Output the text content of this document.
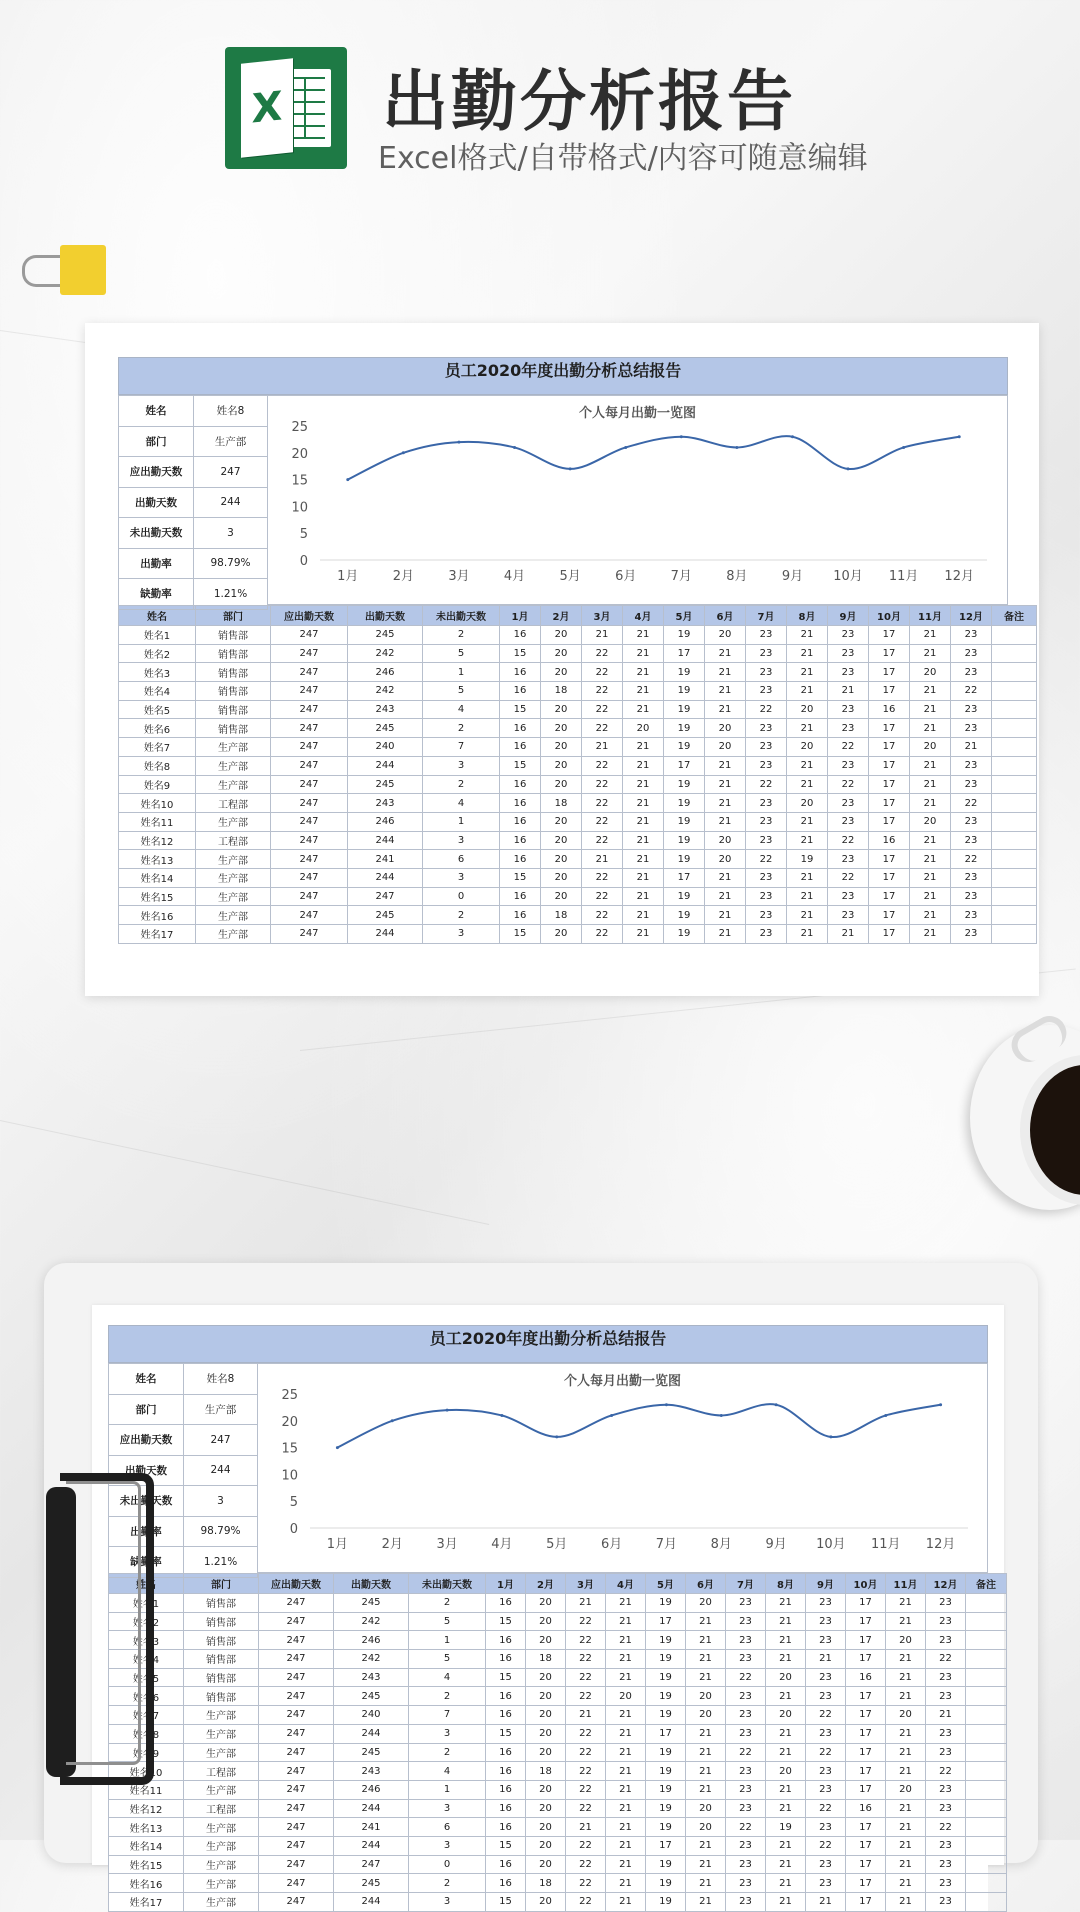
X 出勤分析报告
Excel格式/自带格式/内容可随意编辑
员工2020年度出勤分析总结报告
姓名	姓名8
部门	生产部
应出勤天数	247
出勤天数	244
未出勤天数	3
出勤率	98.79%
缺勤率	1.21%
个人每月出勤一览图
0
5
10
15
20
25
1月	2月	3月	4月	5月	6月	7月	8月	9月 10月 11月 12月
姓名	部门	应出勤天数	出勤天数	未出勤天数	1月	2月	3月	4月	5月	6月	7月	8月	9月	10月	11月	12月	备注
姓名1	销售部	247	245	2	16	20	21	21	19	20	23	21	23	17	21	23	
姓名2	销售部	247	242	5	15	20	22	21	17	21	23	21	23	17	21	23	
姓名3	销售部	247	246	1	16	20	22	21	19	21	23	21	23	17	20	23	
姓名4	销售部	247	242	5	16	18	22	21	19	21	23	21	21	17	21	22	
姓名5	销售部	247	243	4	15	20	22	21	19	21	22	20	23	16	21	23	
姓名6	销售部	247	245	2	16	20	22	20	19	20	23	21	23	17	21	23	
姓名7	生产部	247	240	7	16	20	21	21	19	20	23	20	22	17	20	21	
姓名8	生产部	247	244	3	15	20	22	21	17	21	23	21	23	17	21	23	
姓名9	生产部	247	245	2	16	20	22	21	19	21	22	21	22	17	21	23	
姓名10	工程部	247	243	4	16	18	22	21	19	21	23	20	23	17	21	22	
姓名11	生产部	247	246	1	16	20	22	21	19	21	23	21	23	17	20	23	
姓名12	工程部	247	244	3	16	20	22	21	19	20	23	21	22	16	21	23	
姓名13	生产部	247	241	6	16	20	21	21	19	20	22	19	23	17	21	22	
姓名14	生产部	247	244	3	15	20	22	21	17	21	23	21	22	17	21	23	
姓名15	生产部	247	247	0	16	20	22	21	19	21	23	21	23	17	21	23	
姓名16	生产部	247	245	2	16	18	22	21	19	21	23	21	23	17	21	23	
姓名17	生产部	247	244	3	15	20	22	21	19	21	23	21	21	17	21	23	
员工2020年度出勤分析总结报告
姓名	姓名8
部门	生产部
应出勤天数	247
出勤天数	244
未出勤天数	3
出勤率	98.79%
缺勤率	1.21%
个人每月出勤一览图
0
5
10
15
20
25
1月	2月	3月	4月	5月	6月	7月	8月	9月 10月 11月 12月
姓名	部门	应出勤天数	出勤天数	未出勤天数	1月	2月	3月	4月	5月	6月	7月	8月	9月	10月	11月	12月	备注
姓名1	销售部	247	245	2	16	20	21	21	19	20	23	21	23	17	21	23	
姓名2	销售部	247	242	5	15	20	22	21	17	21	23	21	23	17	21	23	
姓名3	销售部	247	246	1	16	20	22	21	19	21	23	21	23	17	20	23	
姓名4	销售部	247	242	5	16	18	22	21	19	21	23	21	21	17	21	22	
姓名5	销售部	247	243	4	15	20	22	21	19	21	22	20	23	16	21	23	
姓名6	销售部	247	245	2	16	20	22	20	19	20	23	21	23	17	21	23	
姓名7	生产部	247	240	7	16	20	21	21	19	20	23	20	22	17	20	21	
姓名8	生产部	247	244	3	15	20	22	21	17	21	23	21	23	17	21	23	
姓名9	生产部	247	245	2	16	20	22	21	19	21	22	21	22	17	21	23	
姓名10	工程部	247	243	4	16	18	22	21	19	21	23	20	23	17	21	22	
姓名11	生产部	247	246	1	16	20	22	21	19	21	23	21	23	17	20	23	
姓名12	工程部	247	244	3	16	20	22	21	19	20	23	21	22	16	21	23	
姓名13	生产部	247	241	6	16	20	21	21	19	20	22	19	23	17	21	22	
姓名14	生产部	247	244	3	15	20	22	21	17	21	23	21	22	17	21	23	
姓名15	生产部	247	247	0	16	20	22	21	19	21	23	21	23	17	21	23	
姓名16	生产部	247	245	2	16	18	22	21	19	21	23	21	23	17	21	23	
姓名17	生产部	247	244	3	15	20	22	21	19	21	23	21	21	17	21	23	
